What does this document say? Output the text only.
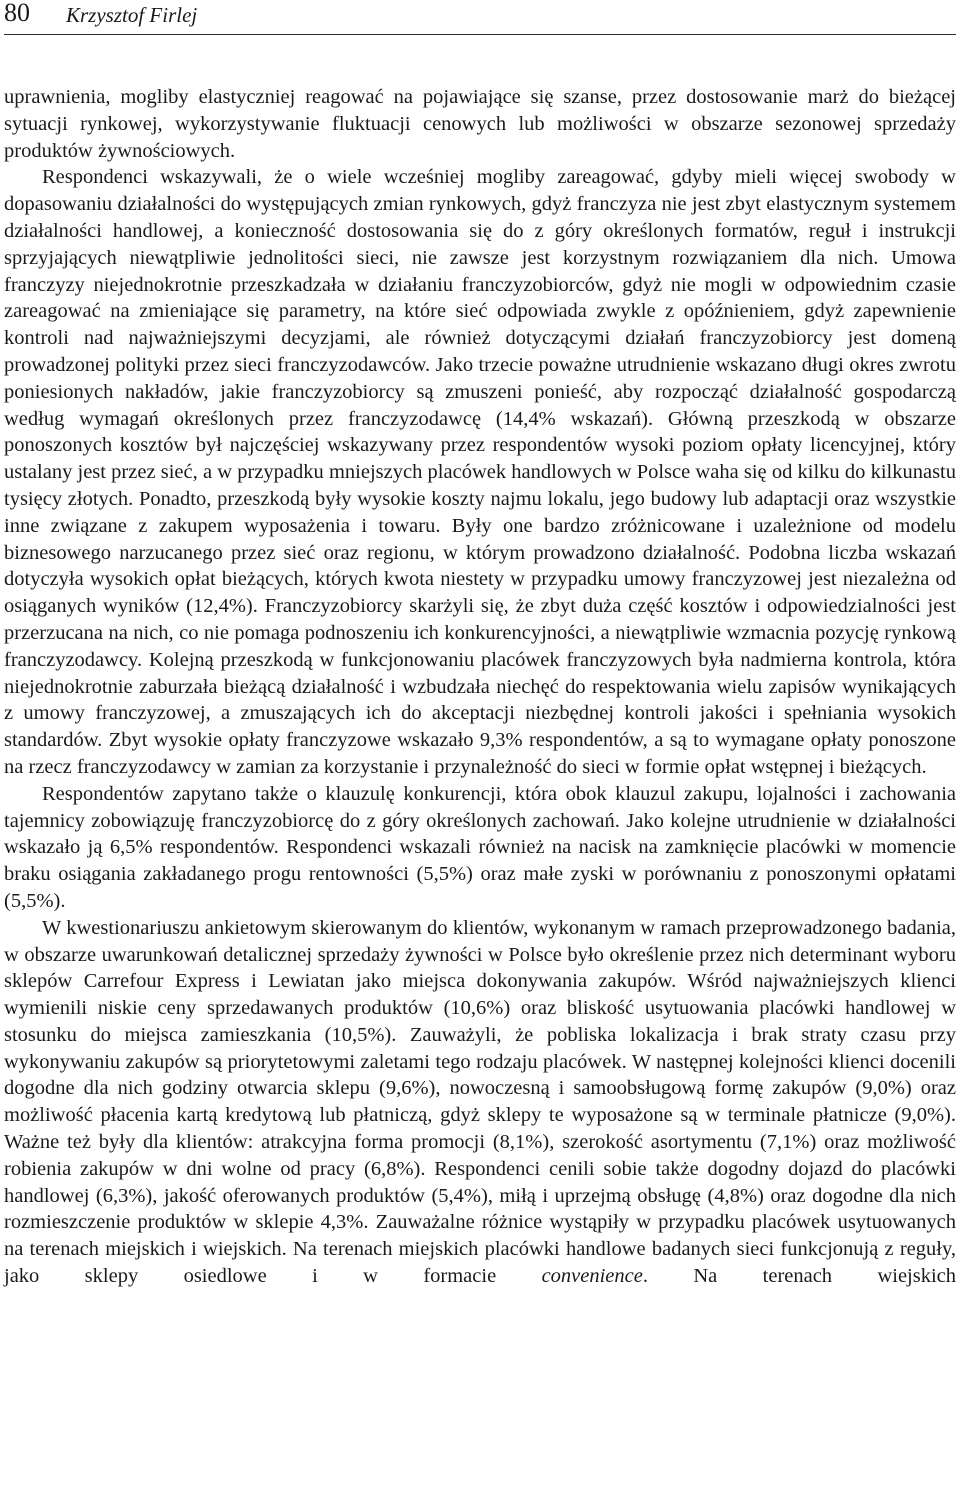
80 Krzysztof Firlej

uprawnienia, mogliby elastyczniej reagować na pojawiające się szanse, przez dostosowanie marż do bieżącej sytuacji rynkowej, wykorzystywanie fluktuacji cenowych lub możliwości w obszarze sezonowej sprzedaży produktów żywnościowych.

Respondenci wskazywali, że o wiele wcześniej mogliby zareagować, gdyby mieli więcej swobody w dopasowaniu działalności do występujących zmian rynkowych, gdyż franczyza nie jest zbyt elastycznym systemem działalności handlowej, a konieczność dostosowania się do z góry określonych formatów, reguł i instrukcji sprzyjających niewątpliwie jednolitości sieci, nie zawsze jest korzystnym rozwiązaniem dla nich. Umowa franczyzy niejednokrotnie przeszkadzała w działaniu franczyzobiorców, gdyż nie mogli w odpowiednim czasie zareagować na zmieniające się parametry, na które sieć odpowiada zwykle z opóźnieniem, gdyż zapewnienie kontroli nad najważniejszymi decyzjami, ale również dotyczącymi działań franczyzobiorcy jest domeną prowadzonej polityki przez sieci franczyzodawców. Jako trzecie poważne utrudnienie wskazano długi okres zwrotu poniesionych nakładów, jakie franczyzobiorcy są zmuszeni ponieść, aby rozpocząć działalność gospodarczą według wymagań określonych przez franczyzodawcę (14,4% wskazań). Główną przeszkodą w obszarze ponoszonych kosztów był najczęściej wskazywany przez respondentów wysoki poziom opłaty licencyjnej, który ustalany jest przez sieć, a w przypadku mniejszych placówek handlowych w Polsce waha się od kilku do kilkunastu tysięcy złotych. Ponadto, przeszkodą były wysokie koszty najmu lokalu, jego budowy lub adaptacji oraz wszystkie inne związane z zakupem wyposażenia i towaru. Były one bardzo zróżnicowane i uzależnione od modelu biznesowego narzucanego przez sieć oraz regionu, w którym prowadzono działalność. Podobna liczba wskazań dotyczyła wysokich opłat bieżących, których kwota niestety w przypadku umowy franczyzowej jest niezależna od osiąganych wyników (12,4%). Franczyzobiorcy skarżyli się, że zbyt duża część kosztów i odpowiedzialności jest przerzucana na nich, co nie pomaga podnoszeniu ich konkurencyjności, a niewątpliwie wzmacnia pozycję rynkową franczyzodawcy. Kolejną przeszkodą w funkcjonowaniu placówek franczyzowych była nadmierna kontrola, która niejednokrotnie zaburzała bieżącą działalność i wzbudzała niechęć do respektowania wielu zapisów wynikających z umowy franczyzowej, a zmuszających ich do akceptacji niezbędnej kontroli jakości i spełniania wysokich standardów. Zbyt wysokie opłaty franczyzowe wskazało 9,3% respondentów, a są to wymagane opłaty ponoszone na rzecz franczyzodawcy w zamian za korzystanie i przynależność do sieci w formie opłat wstępnej i bieżących.

Respondentów zapytano także o klauzulę konkurencji, która obok klauzul zakupu, lojalności i zachowania tajemnicy zobowiązuję franczyzobiorcę do z góry określonych zachowań. Jako kolejne utrudnienie w działalności wskazało ją 6,5% respondentów. Respondenci wskazali również na nacisk na zamknięcie placówki w momencie braku osiągania zakładanego progu rentowności (5,5%) oraz małe zyski w porównaniu z ponoszonymi opłatami (5,5%).

W kwestionariuszu ankietowym skierowanym do klientów, wykonanym w ramach przeprowadzonego badania, w obszarze uwarunkowań detalicznej sprzedaży żywności w Polsce było określenie przez nich determinant wyboru sklepów Carrefour Express i Lewiatan jako miejsca dokonywania zakupów. Wśród najważniejszych klienci wymienili niskie ceny sprzedawanych produktów (10,6%) oraz bliskość usytuowania placówki handlowej w stosunku do miejsca zamieszkania (10,5%). Zauważyli, że pobliska lokalizacja i brak straty czasu przy wykonywaniu zakupów są priorytetowymi zaletami tego rodzaju placówek. W następnej kolejności klienci docenili dogodne dla nich godziny otwarcia sklepu (9,6%), nowoczesną i samoobsługową formę zakupów (9,0%) oraz możliwość płacenia kartą kredytową lub płatniczą, gdyż sklepy te wyposażone są w terminale płatnicze (9,0%). Ważne też były dla klientów: atrakcyjna forma promocji (8,1%), szerokość asortymentu (7,1%) oraz możliwość robienia zakupów w dni wolne od pracy (6,8%). Respondenci cenili sobie także dogodny dojazd do placówki handlowej (6,3%), jakość oferowanych produktów (5,4%), miłą i uprzejmą obsługę (4,8%) oraz dogodne dla nich rozmieszczenie produktów w sklepie 4,3%. Zauważalne różnice wystąpiły w przypadku placówek usytuowanych na terenach miejskich i wiejskich. Na terenach miejskich placówki handlowe badanych sieci funkcjonują z reguły, jako sklepy osiedlowe i w formacie convenience. Na terenach wiejskich
